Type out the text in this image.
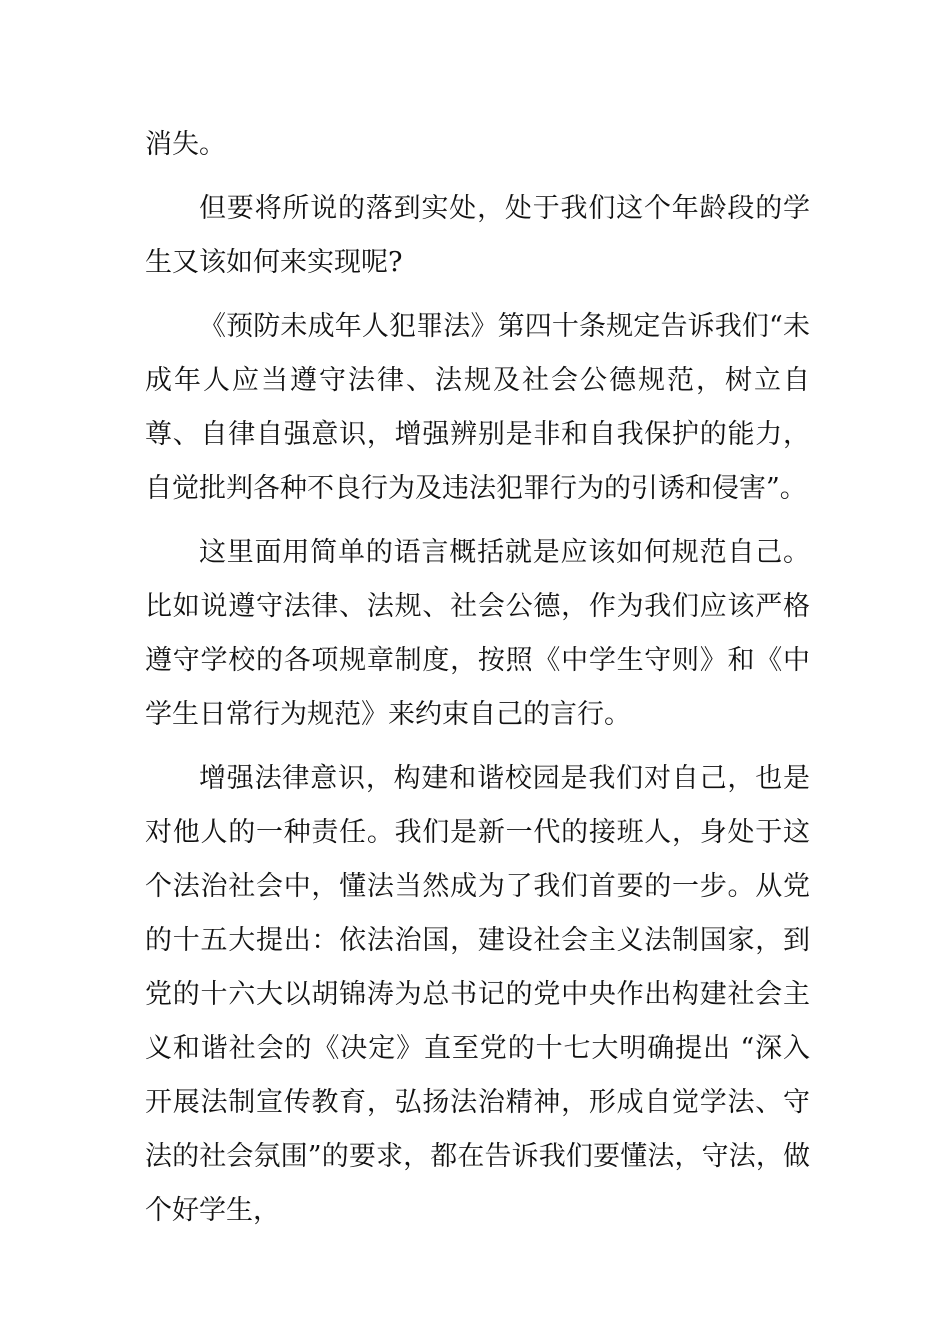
消失。

但要将所说的落到实处，处于我们这个年龄段的学生又该如何来实现呢?

《预防未成年人犯罪法》第四十条规定告诉我们“未成年人应当遵守法律、法规及社会公德规范，树立自尊、自律自强意识，增强辨别是非和自我保护的能力，自觉批判各种不良行为及违法犯罪行为的引诱和侵害”。

这里面用简单的语言概括就是应该如何规范自己。比如说遵守法律、法规、社会公德，作为我们应该严格遵守学校的各项规章制度，按照《中学生守则》和《中学生日常行为规范》来约束自己的言行。

增强法律意识，构建和谐校园是我们对自己，也是对他人的一种责任。我们是新一代的接班人，身处于这个法治社会中，懂法当然成为了我们首要的一步。从党的十五大提出：依法治国，建设社会主义法制国家，到党的十六大以胡锦涛为总书记的党中央作出构建社会主义和谐社会的《决定》直至党的十七大明确提出 “深入开展法制宣传教育，弘扬法治精神，形成自觉学法、守法的社会氛围”的要求，都在告诉我们要懂法，守法，做个好学生，
